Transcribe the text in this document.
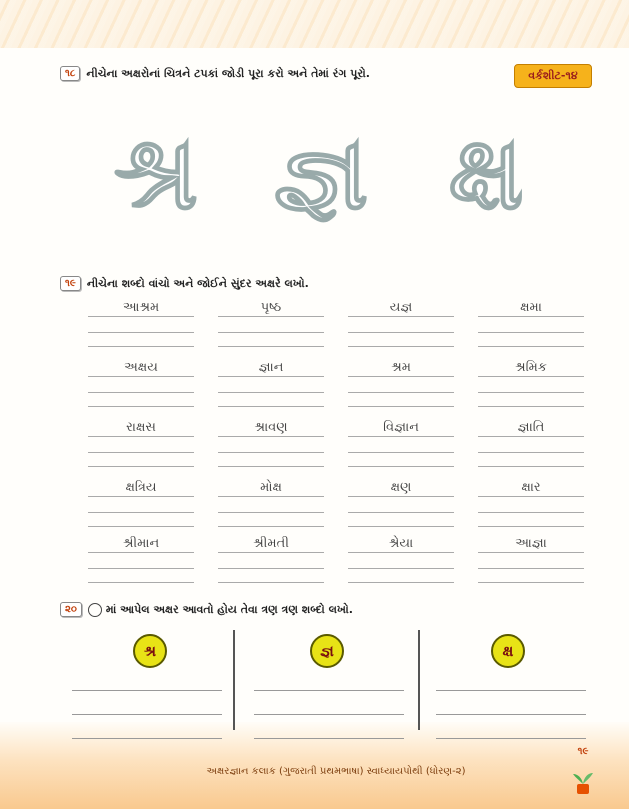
વર્કશીટ-૧૪
૧૮	નીચેના અક્ષરોનાં ચિત્રને ટપકાં જોડી પૂરા કરો અને તેમાં રંગ પૂરો.
શ્ર જ્ઞ ક્ષ
૧૯	નીચેના શબ્દો વાંચો અને જોઈને સુંદર અક્ષરે લખો.
આશ્રમ	પૃષ્ઠ	યજ્ઞ	ક્ષમા
અક્ષય	જ્ઞાન	શ્રમ	શ્રમિક
રાક્ષસ	શ્રાવણ	વિજ્ઞાન	જ્ઞાતિ
ક્ષત્રિય	મોક્ષ	ક્ષણ	ક્ષાર
શ્રીમાન	શ્રીમતી	શ્રેયા	આજ્ઞા
૨૦	માં આપેલ અક્ષર આવતો હોય તેવા ત્રણ ત્રણ શબ્દો લખો.
શ્ર	જ્ઞ	ક્ષ
અક્ષરજ્ઞાન કલાક (ગુજરાતી પ્રથમભાષા) સ્વાધ્યાયપોથી (ધોરણ-૨)
૧૯
